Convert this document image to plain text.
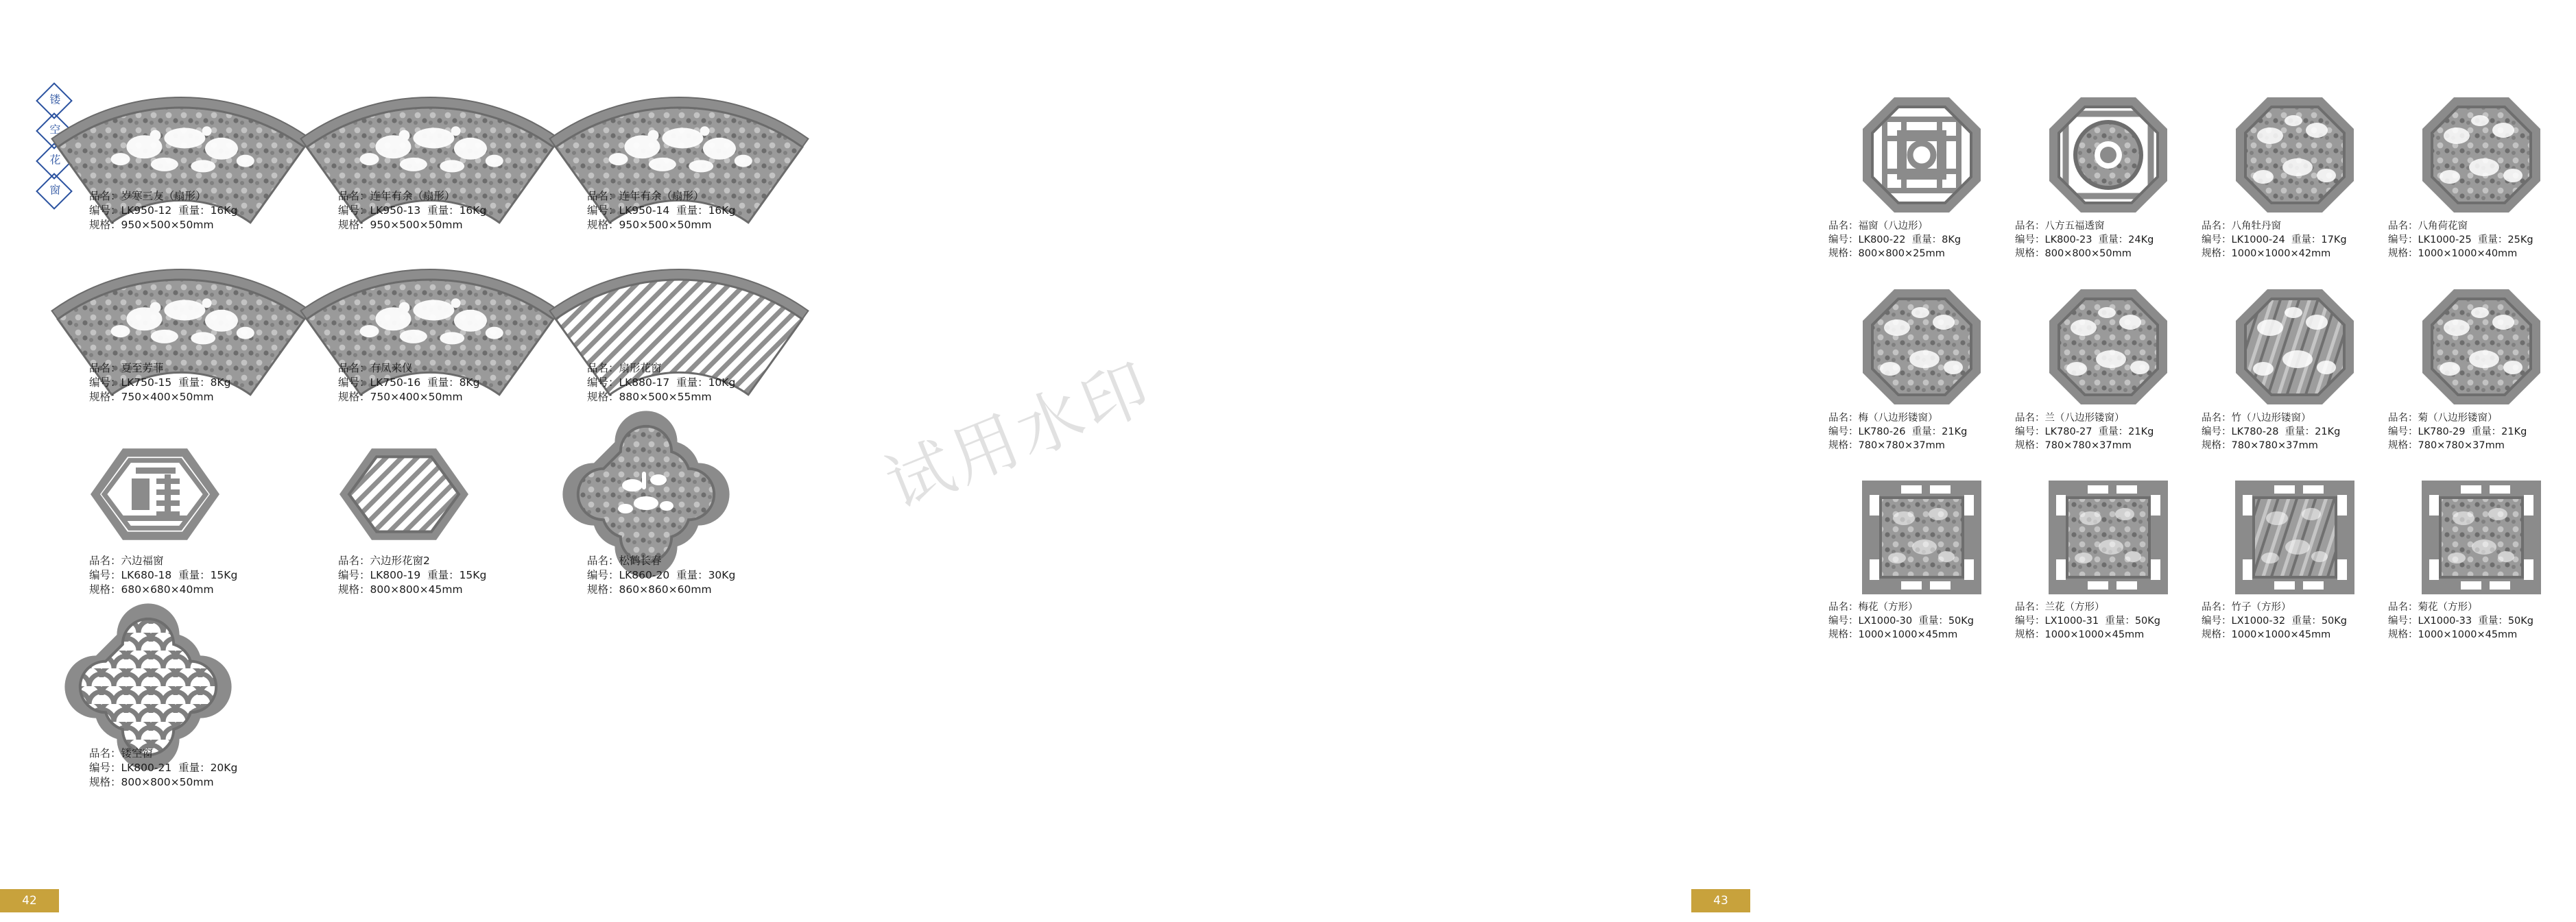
镂
空
花
窗	品名：岁寒三友（扇形）
编号：LK950-12 重量：16Kg
规格：950×500×50mm
品名：连年有余（扇形）
编号：LK950-13 重量：16Kg
规格：950×500×50mm
品名：连年有余（扇形）
编号：LK950-14 重量：16Kg
规格：950×500×50mm
品名：夏至芳菲
编号：LK750-15 重量：8Kg
规格：750×400×50mm
品名：有凤来仪
编号：LK750-16 重量：8Kg
规格：750×400×50mm
品名：扇形花窗
编号：LK880-17 重量：10Kg
规格：880×500×55mm
品名：六边福窗
编号：LK680-18 重量：15Kg
规格：680×680×40mm
品名：六边形花窗2
编号：LK800-19 重量：15Kg
规格：800×800×45mm
品名：松鹤长春
编号：LK860-20 重量：30Kg
规格：860×860×60mm
品名：镂空窗
编号：LK800-21 重量：20Kg
规格：800×800×50mm
42
品名：福窗（八边形）
编号：LK800-22 重量：8Kg
规格：800×800×25mm
品名：八方五福透窗
编号：LK800-23 重量：24Kg
规格：800×800×50mm
品名：八角牡丹窗
编号：LK1000-24 重量：17Kg
规格：1000×1000×42mm
品名：八角荷花窗
编号：LK1000-25 重量：25Kg
规格：1000×1000×40mm
品名：梅（八边形镂窗）
编号：LK780-26 重量：21Kg
规格：780×780×37mm
品名：兰（八边形镂窗）
编号：LK780-27 重量：21Kg
规格：780×780×37mm
品名：竹（八边形镂窗）
编号：LK780-28 重量：21Kg
规格：780×780×37mm
品名：菊（八边形镂窗）
编号：LK780-29 重量：21Kg
规格：780×780×37mm
品名：梅花（方形）
编号：LX1000-30 重量：50Kg
规格：1000×1000×45mm
品名：兰花（方形）
编号：LX1000-31 重量：50Kg
规格：1000×1000×45mm
品名：竹子（方形）
编号：LX1000-32 重量：50Kg
规格：1000×1000×45mm
品名：菊花（方形）
编号：LX1000-33 重量：50Kg
规格：1000×1000×45mm
43
试用水印
